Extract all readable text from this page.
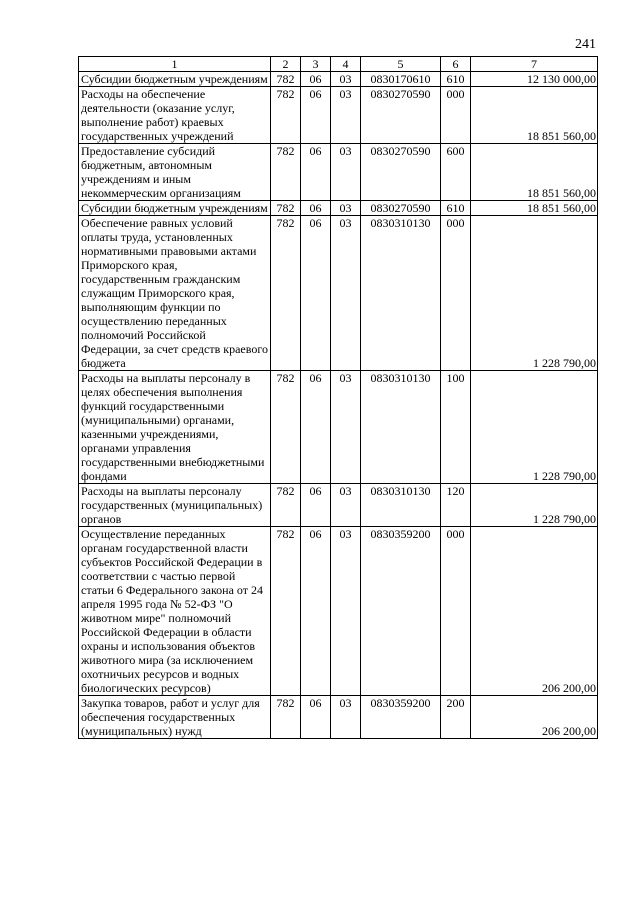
241
1	2	3	4	5	6	7
Субсидии бюджетным учреждениям	782	06	03	0830170610	610	12 130 000,00
Расходы на обеспечение деятельности (оказание услуг, выполнение работ) краевых государственных учреждений	782	06	03	0830270590	000	18 851 560,00
Предоставление субсидий бюджетным, автономным учреждениям и иным некоммерческим организациям	782	06	03	0830270590	600	18 851 560,00
Субсидии бюджетным учреждениям	782	06	03	0830270590	610	18 851 560,00
Обеспечение равных условий оплаты труда, установленных нормативными правовыми актами Приморского края, государственным гражданским служащим Приморского края, выполняющим функции по осуществлению переданных полномочий Российской Федерации, за счет средств краевого бюджета	782	06	03	0830310130	000	1 228 790,00
Расходы на выплаты персоналу в целях обеспечения выполнения функций государственными (муниципальными) органами, казенными учреждениями, органами управления государственными внебюджетными фондами	782	06	03	0830310130	100	1 228 790,00
Расходы на выплаты персоналу государственных (муниципальных) органов	782	06	03	0830310130	120	1 228 790,00
Осуществление переданных органам государственной власти субъектов Российской Федерации в соответствии с частью первой статьи 6 Федерального закона от 24 апреля 1995 года № 52-ФЗ "О животном мире" полномочий Российской Федерации в области охраны и использования объектов животного мира (за исключением охотничьих ресурсов и водных биологических ресурсов)	782	06	03	0830359200	000	206 200,00
Закупка товаров, работ и услуг для обеспечения государственных (муниципальных) нужд	782	06	03	0830359200	200	206 200,00
